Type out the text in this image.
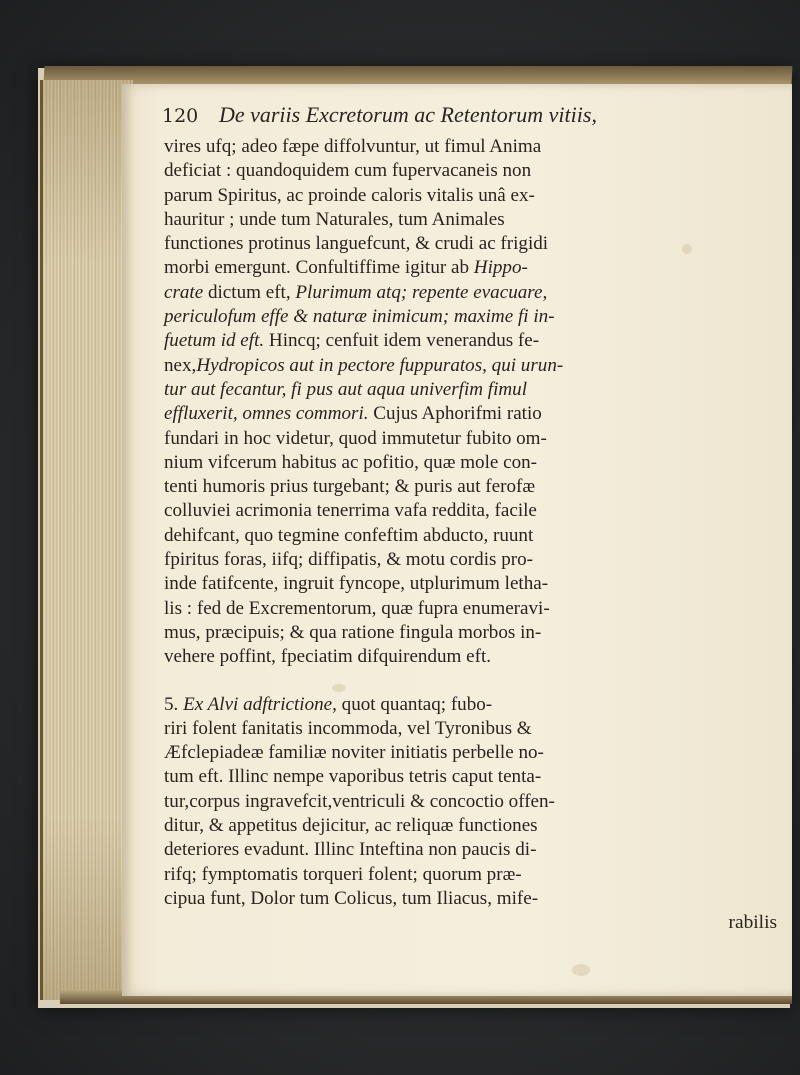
120 De variis Excretorum ac Retentorum vitiis,
vires ufq; adeo fæpe diffolvuntur, ut fimul Anima
deficiat : quandoquidem cum fupervacaneis non
parum Spiritus, ac proinde caloris vitalis unâ ex-
hauritur ; unde tum Naturales, tum Animales
functiones protinus languefcunt, & crudi ac frigidi
morbi emergunt. Confultiffime igitur ab Hippo-
crate dictum eft, Plurimum atq; repente evacuare,
periculofum effe & naturæ inimicum; maxime fi in-
fuetum id eft. Hincq; cenfuit idem venerandus fe-
nex,Hydropicos aut in pectore fuppuratos, qui urun-
tur aut fecantur, fi pus aut aqua univerfim fimul
effluxerit, omnes commori. Cujus Aphorifmi ratio
fundari in hoc videtur, quod immutetur fubito om-
nium vifcerum habitus ac pofitio, quæ mole con-
tenti humoris prius turgebant; & puris aut ferofæ
colluviei acrimonia tenerrima vafa reddita, facile
dehifcant, quo tegmine confeftim abducto, ruunt
fpiritus foras, iifq; diffipatis, & motu cordis pro-
inde fatifcente, ingruit fyncope, utplurimum letha-
lis : fed de Excrementorum, quæ fupra enumeravi-
mus, præcipuis; & qua ratione fingula morbos in-
vehere poffint, fpeciatim difquirendum eft.
5. Ex Alvi adftrictione, quot quantaq; fubo-
riri folent fanitatis incommoda, vel Tyronibus &
Æfclepiadeæ familiæ noviter initiatis perbelle no-
tum eft. Illinc nempe vaporibus tetris caput tenta-
tur,corpus ingravefcit,ventriculi & concoctio offen-
ditur, & appetitus dejicitur, ac reliquæ functiones
deteriores evadunt. Illinc Inteftina non paucis di-
rifq; fymptomatis torqueri folent; quorum præ-
cipua funt, Dolor tum Colicus, tum Iliacus, mife-
rabilis
